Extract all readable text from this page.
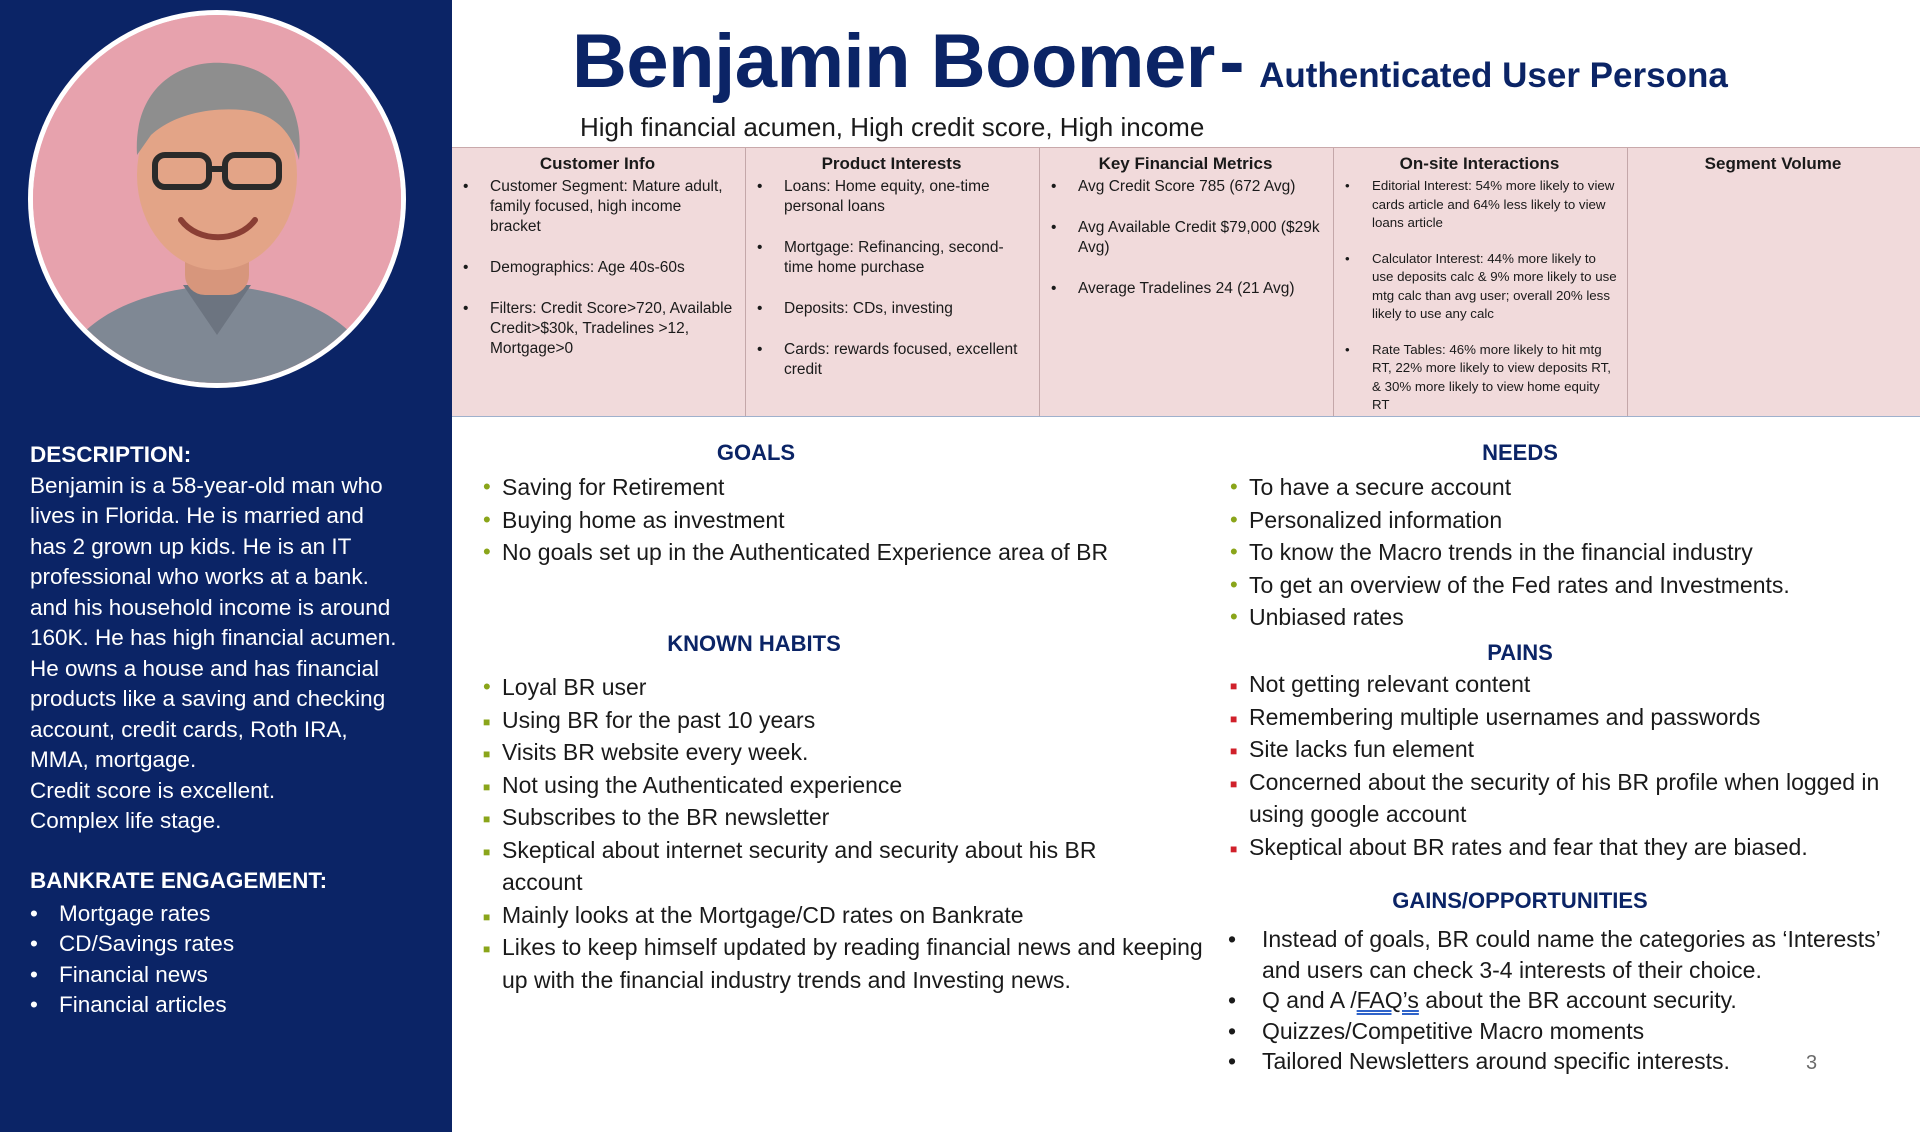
DESCRIPTION:

Benjamin is a 58-year-old man who

lives in Florida. He is married and

has 2 grown up kids. He is an IT

professional who works at a bank.

and his household income is around

160K. He has high financial acumen.

He owns a house and has financial

products like a saving and checking

account, credit cards, Roth IRA,

MMA, mortgage.

Credit score is excellent.

Complex life stage.

BANKRATE ENGAGEMENT:
• Mortgage rates
• CD/Savings rates
• Financial news
• Financial articles
Benjamin Boomer - Authenticated User Persona
High financial acumen, High credit score, High income
Customer Info
• Customer Segment: Mature adult, family focused, high income bracket
• Demographics: Age 40s-60s
• Filters: Credit Score>720, Available Credit>$30k, Tradelines >12, Mortgage>0
Product Interests
• Loans: Home equity, one-time personal loans
• Mortgage: Refinancing, second-time home purchase
• Deposits: CDs, investing
• Cards: rewards focused, excellent credit
Key Financial Metrics
• Avg Credit Score 785 (672 Avg)
• Avg Available Credit $79,000 ($29k Avg)
• Average Tradelines 24 (21 Avg)
On-site Interactions
• Editorial Interest: 54% more likely to view cards article and 64% less likely to view loans article
• Calculator Interest: 44% more likely to use deposits calc & 9% more likely to use mtg calc than avg user; overall 20% less likely to use any calc
• Rate Tables: 46% more likely to hit mtg RT, 22% more likely to view deposits RT, & 30% more likely to view home equity RT
Segment Volume
GOALS
• Saving for Retirement
• Buying home as investment
• No goals set up in the Authenticated Experience area of BR
KNOWN HABITS
• Loyal BR user
■ Using BR for the past 10 years
■ Visits BR website every week.
■ Not using the Authenticated experience
■ Subscribes to the BR newsletter
■ Skeptical about internet security and security about his BR account
■ Mainly looks at the Mortgage/CD rates on Bankrate
■ Likes to keep himself updated by reading financial news and keeping up with the financial industry trends and Investing news.
NEEDS
• To have a secure account
• Personalized information
• To know the Macro trends in the financial industry
• To get an overview of the Fed rates and Investments.
• Unbiased rates
PAINS
■ Not getting relevant content
■ Remembering multiple usernames and passwords
■ Site lacks fun element
■ Concerned about the security of his BR profile when logged in using google account
■ Skeptical about BR rates and fear that they are biased.
GAINS/OPPORTUNITIES
• Instead of goals, BR could name the categories as ‘Interests’ and users can check 3-4 interests of their choice.
• Q and A /FAQ’s about the BR account security.
• Quizzes/Competitive Macro moments
• Tailored Newsletters around specific interests.	3
